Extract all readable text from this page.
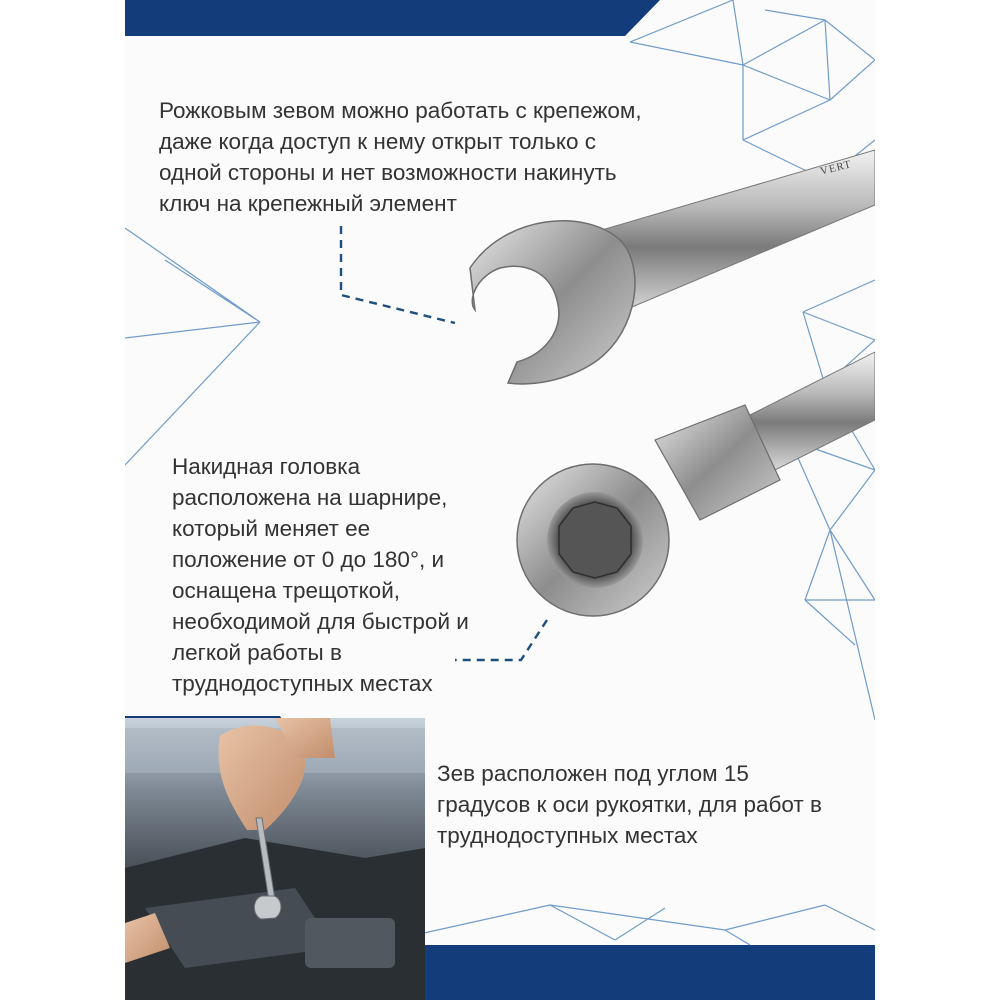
VERT

Рожковым зевом можно работать с крепежом,
даже когда доступ к нему открыт только с
одной стороны и нет возможности накинуть
ключ на крепежный элемент

Накидная головка
расположена на шарнире,
который меняет ее
положение от 0 до 180°, и
оснащена трещоткой,
необходимой для быстрой и
легкой работы в
труднодоступных местах

Зев расположен под углом 15
градусов к оси рукоятки, для работ в
труднодоступных местах
